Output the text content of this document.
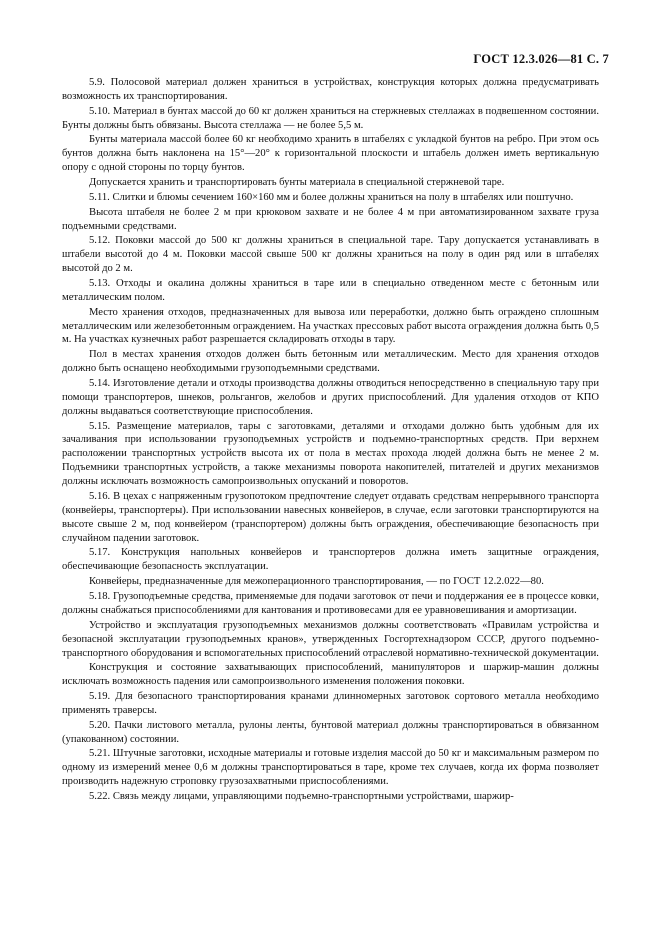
ГОСТ 12.3.026—81 С. 7

5.9. Полосовой материал должен храниться в устройствах, конструкция которых должна предусматривать возможность их транспортирования.

5.10. Материал в бунтах массой до 60 кг должен храниться на стержневых стеллажах в подвешенном состоянии. Бунты должны быть обвязаны. Высота стеллажа — не более 5,5 м.

Бунты материала массой более 60 кг необходимо хранить в штабелях с укладкой бунтов на ребро. При этом ось бунтов должна быть наклонена на 15°—20° к горизонтальной плоскости и штабель должен иметь вертикальную опору с одной стороны по торцу бунтов.

Допускается хранить и транспортировать бунты материала в специальной стержневой таре.

5.11. Слитки и блюмы сечением 160×160 мм и более должны храниться на полу в штабелях или поштучно.

Высота штабеля не более 2 м при крюковом захвате и не более 4 м при автоматизированном захвате груза подъемными средствами.

5.12. Поковки массой до 500 кг должны храниться в специальной таре. Тару допускается устанавливать в штабели высотой до 4 м. Поковки массой свыше 500 кг должны храниться на полу в один ряд или в штабелях высотой до 2 м.

5.13. Отходы и окалина должны храниться в таре или в специально отведенном месте с бетонным или металлическим полом.

Место хранения отходов, предназначенных для вывоза или переработки, должно быть ограждено сплошным металлическим или железобетонным ограждением. На участках прессовых работ высота ограждения должна быть 0,5 м. На участках кузнечных работ разрешается складировать отходы в тару.

Пол в местах хранения отходов должен быть бетонным или металлическим. Место для хранения отходов должно быть оснащено необходимыми грузоподъемными средствами.

5.14. Изготовление детали и отходы производства должны отводиться непосредственно в специальную тару при помощи транспортеров, шнеков, рольгангов, желобов и других приспособлений. Для удаления отходов от КПО должны выдаваться соответствующие приспособления.

5.15. Размещение материалов, тары с заготовками, деталями и отходами должно быть удобным для их зачаливания при использовании грузоподъемных устройств и подъемно-транспортных средств. При верхнем расположении транспортных устройств высота их от пола в местах прохода людей должна быть не менее 2 м. Подъемники транспортных устройств, а также механизмы поворота накопителей, питателей и других механизмов должны исключать возможность самопроизвольных опусканий и поворотов.

5.16. В цехах с напряженным грузопотоком предпочтение следует отдавать средствам непрерывного транспорта (конвейеры, транспортеры). При использовании навесных конвейеров, в случае, если заготовки транспортируются на высоте свыше 2 м, под конвейером (транспортером) должны быть ограждения, обеспечивающие безопасность при случайном падении заготовок.

5.17. Конструкция напольных конвейеров и транспортеров должна иметь защитные ограждения, обеспечивающие безопасность эксплуатации.

Конвейеры, предназначенные для межоперационного транспортирования, — по ГОСТ 12.2.022—80.

5.18. Грузоподъемные средства, применяемые для подачи заготовок от печи и поддержания ее в процессе ковки, должны снабжаться приспособлениями для кантования и противовесами для ее уравновешивания и амортизации.

Устройство и эксплуатация грузоподъемных механизмов должны соответствовать «Правилам устройства и безопасной эксплуатации грузоподъемных кранов», утвержденных Госгортехнадзором СССР, другого подъемно-транспортного оборудования и вспомогательных приспособлений отраслевой нормативно-технической документации.

Конструкция и состояние захватывающих приспособлений, манипуляторов и шаржир-машин должны исключать возможность падения или самопроизвольного изменения положения поковки.

5.19. Для безопасного транспортирования кранами длинномерных заготовок сортового металла необходимо применять траверсы.

5.20. Пачки листового металла, рулоны ленты, бунтовой материал должны транспортироваться в обвязанном (упакованном) состоянии.

5.21. Штучные заготовки, исходные материалы и готовые изделия массой до 50 кг и максимальным размером по одному из измерений менее 0,6 м должны транспортироваться в таре, кроме тех случаев, когда их форма позволяет производить надежную строповку грузозахватными приспособлениями.

5.22. Связь между лицами, управляющими подъемно-транспортными устройствами, шаржир-
